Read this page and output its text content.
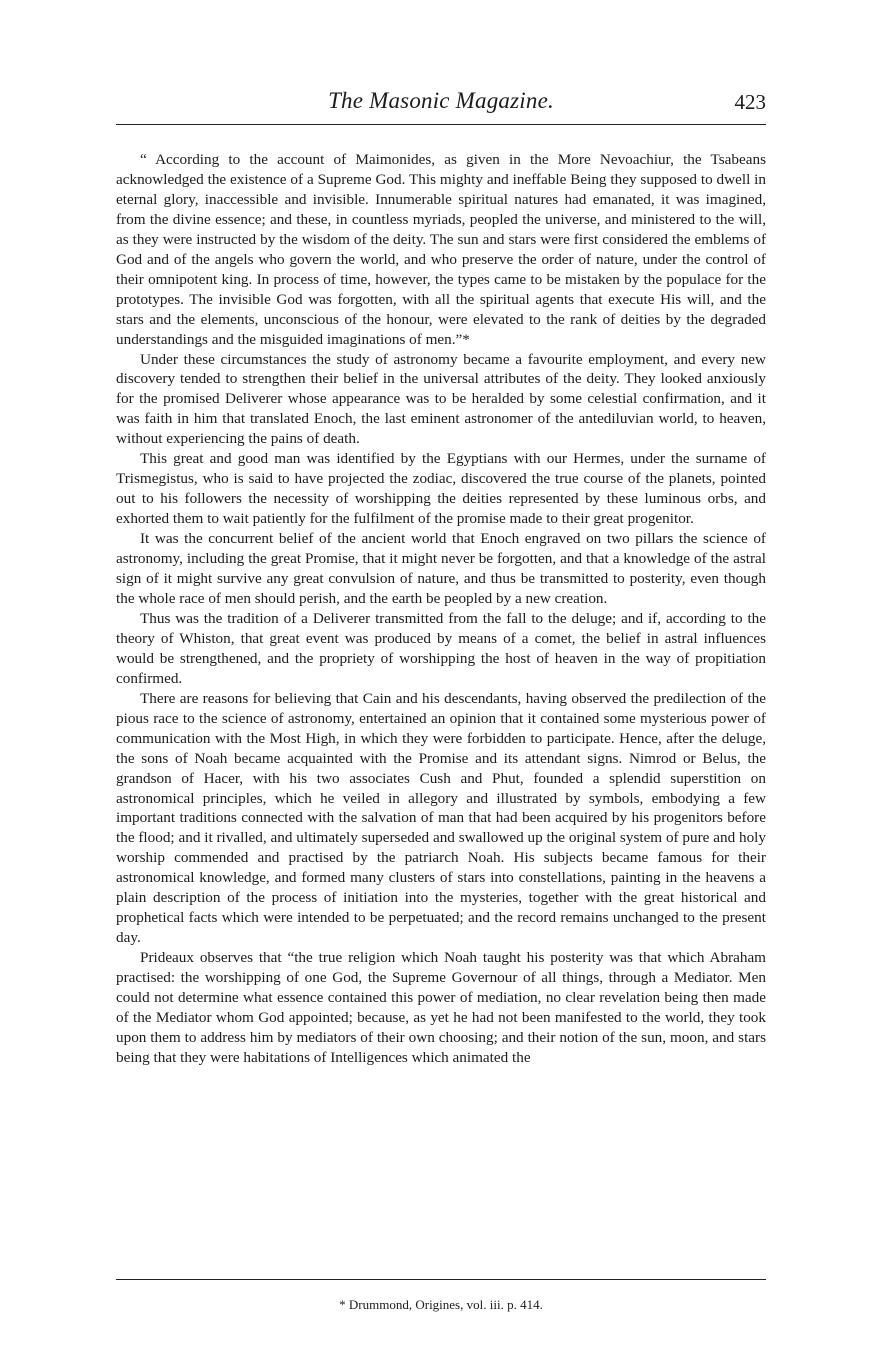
The Masonic Magazine.	423

“ According to the account of Maimonides, as given in the More Nevoachiur, the Tsabeans acknowledged the existence of a Supreme God. This mighty and ineffable Being they supposed to dwell in eternal glory, inaccessible and invisible. Innumerable spiritual natures had emanated, it was imagined, from the divine essence; and these, in countless myriads, peopled the universe, and ministered to the will, as they were instructed by the wisdom of the deity. The sun and stars were first considered the emblems of God and of the angels who govern the world, and who preserve the order of nature, under the control of their omnipotent king. In process of time, however, the types came to be mistaken by the populace for the prototypes. The invisible God was forgotten, with all the spiritual agents that execute His will, and the stars and the elements, unconscious of the honour, were elevated to the rank of deities by the degraded understandings and the misguided imaginations of men.”*

Under these circumstances the study of astronomy became a favourite employment, and every new discovery tended to strengthen their belief in the universal attributes of the deity. They looked anxiously for the promised Deliverer whose appearance was to be heralded by some celestial confirmation, and it was faith in him that translated Enoch, the last eminent astronomer of the antediluvian world, to heaven, without experiencing the pains of death.

This great and good man was identified by the Egyptians with our Hermes, under the surname of Trismegistus, who is said to have projected the zodiac, discovered the true course of the planets, pointed out to his followers the necessity of worshipping the deities represented by these luminous orbs, and exhorted them to wait patiently for the fulfilment of the promise made to their great progenitor.

It was the concurrent belief of the ancient world that Enoch engraved on two pillars the science of astronomy, including the great Promise, that it might never be forgotten, and that a knowledge of the astral sign of it might survive any great convulsion of nature, and thus be transmitted to posterity, even though the whole race of men should perish, and the earth be peopled by a new creation.

Thus was the tradition of a Deliverer transmitted from the fall to the deluge; and if, according to the theory of Whiston, that great event was produced by means of a comet, the belief in astral influences would be strengthened, and the propriety of worshipping the host of heaven in the way of propitiation confirmed.

There are reasons for believing that Cain and his descendants, having observed the predilection of the pious race to the science of astronomy, entertained an opinion that it contained some mysterious power of communication with the Most High, in which they were forbidden to participate. Hence, after the deluge, the sons of Noah became acquainted with the Promise and its attendant signs. Nimrod or Belus, the grandson of Hacer, with his two associates Cush and Phut, founded a splendid superstition on astronomical principles, which he veiled in allegory and illustrated by symbols, embodying a few important traditions connected with the salvation of man that had been acquired by his progenitors before the flood; and it rivalled, and ultimately superseded and swallowed up the original system of pure and holy worship commended and practised by the patriarch Noah. His subjects became famous for their astronomical knowledge, and formed many clusters of stars into constellations, painting in the heavens a plain description of the process of initiation into the mysteries, together with the great historical and prophetical facts which were intended to be perpetuated; and the record remains unchanged to the present day.

Prideaux observes that “the true religion which Noah taught his posterity was that which Abraham practised: the worshipping of one God, the Supreme Governour of all things, through a Mediator. Men could not determine what essence contained this power of mediation, no clear revelation being then made of the Mediator whom God appointed; because, as yet he had not been manifested to the world, they took upon them to address him by mediators of their own choosing; and their notion of the sun, moon, and stars being that they were habitations of Intelligences which animated the

* Drummond, Origines, vol. iii. p. 414.
